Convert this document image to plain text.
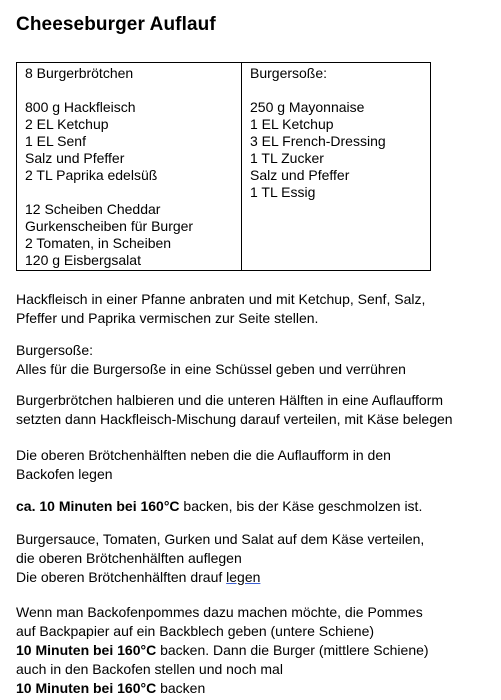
Cheeseburger Auflauf
8 Burgerbrötchen
800 g Hackfleisch
2 EL Ketchup
1 EL Senf
Salz und Pfeffer
2 TL Paprika edelsüß
12 Scheiben Cheddar
Gurkenscheiben für Burger
2 Tomaten, in Scheiben
120 g Eisbergsalat

Burgersoße:
250 g Mayonnaise
1 EL Ketchup
3 EL French-Dressing
1 TL Zucker
Salz und Pfeffer
1 TL Essig
Hackfleisch in einer Pfanne anbraten und mit Ketchup, Senf, Salz,
Pfeffer und Paprika vermischen zur Seite stellen.
Burgersoße:
Alles für die Burgersoße in eine Schüssel geben und verrühren
Burgerbrötchen halbieren und die unteren Hälften in eine Auflaufform
setzten dann Hackfleisch-Mischung darauf verteilen, mit Käse belegen
Die oberen Brötchenhälften neben die die Auflaufform in den
Backofen legen
ca. 10 Minuten bei 160°C backen, bis der Käse geschmolzen ist.
Burgersauce, Tomaten, Gurken und Salat auf dem Käse verteilen,
die oberen Brötchenhälften auflegen
Die oberen Brötchenhälften drauf legen
Wenn man Backofenpommes dazu machen möchte, die Pommes
auf Backpapier auf ein Backblech geben (untere Schiene)
10 Minuten bei 160°C backen. Dann die Burger (mittlere Schiene)
auch in den Backofen stellen und noch mal
10 Minuten bei 160°C backen
